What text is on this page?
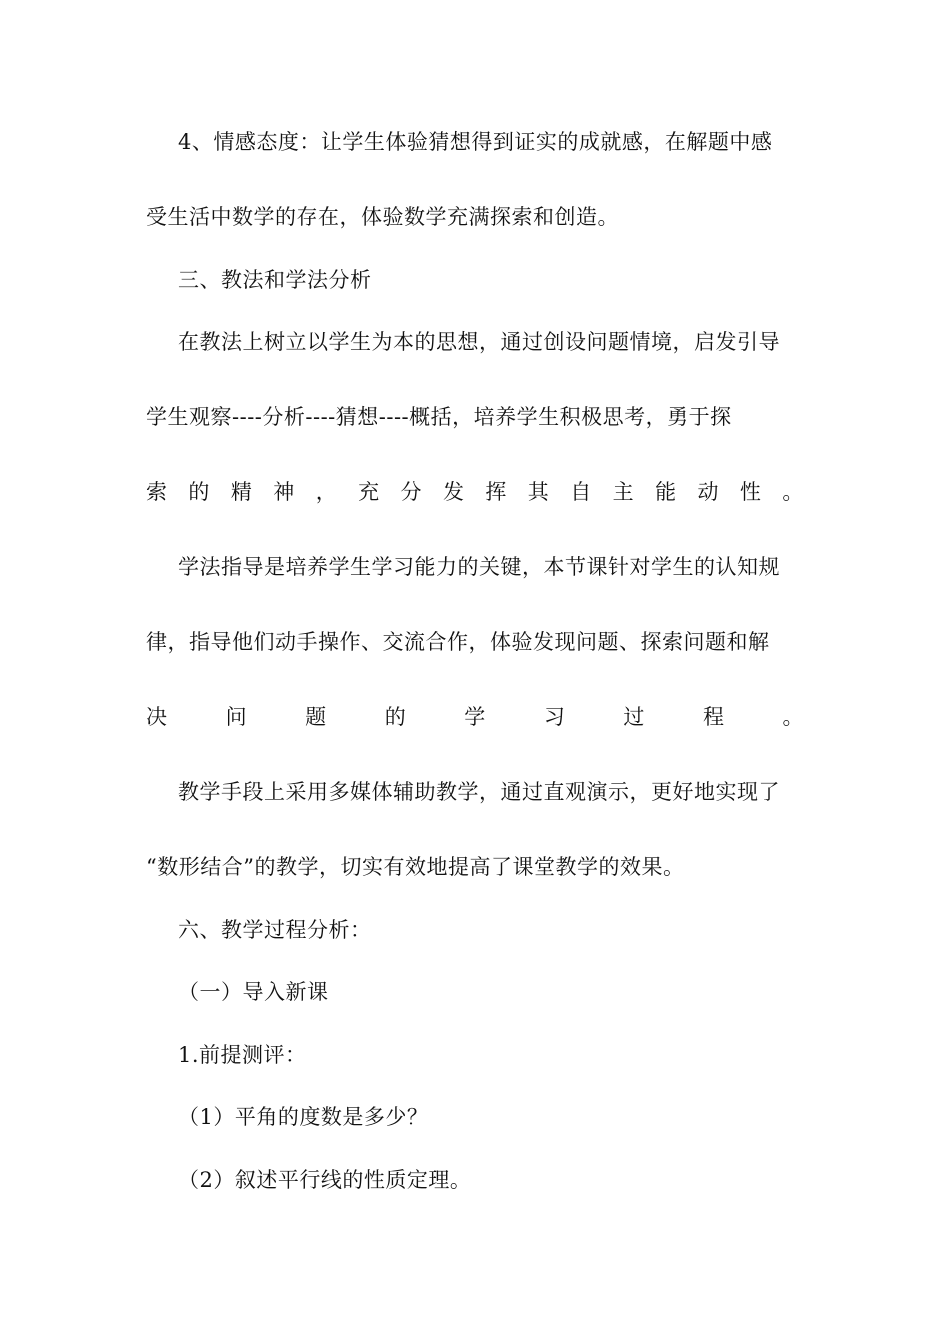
4、情感态度：让学生体验猜想得到证实的成就感，在解题中感
受生活中数学的存在，体验数学充满探索和创造。
三、教法和学法分析
在教法上树立以学生为本的思想，通过创设问题情境，启发引导
学生观察----分析----猜想----概括，培养学生积极思考，勇于探
索 的 精 神 ， 充 分 发 挥 其 自 主 能 动 性 。
学法指导是培养学生学习能力的关键，本节课针对学生的认知规
律，指导他们动手操作、交流合作，体验发现问题、探索问题和解
决	问	题	的	学	习	过	程	。
教学手段上采用多媒体辅助教学，通过直观演示，更好地实现了
“数形结合”的教学，切实有效地提高了课堂教学的效果。
六、教学过程分析：
（一）导入新课
1.前提测评：
（1）平角的度数是多少？
（2）叙述平行线的性质定理。
